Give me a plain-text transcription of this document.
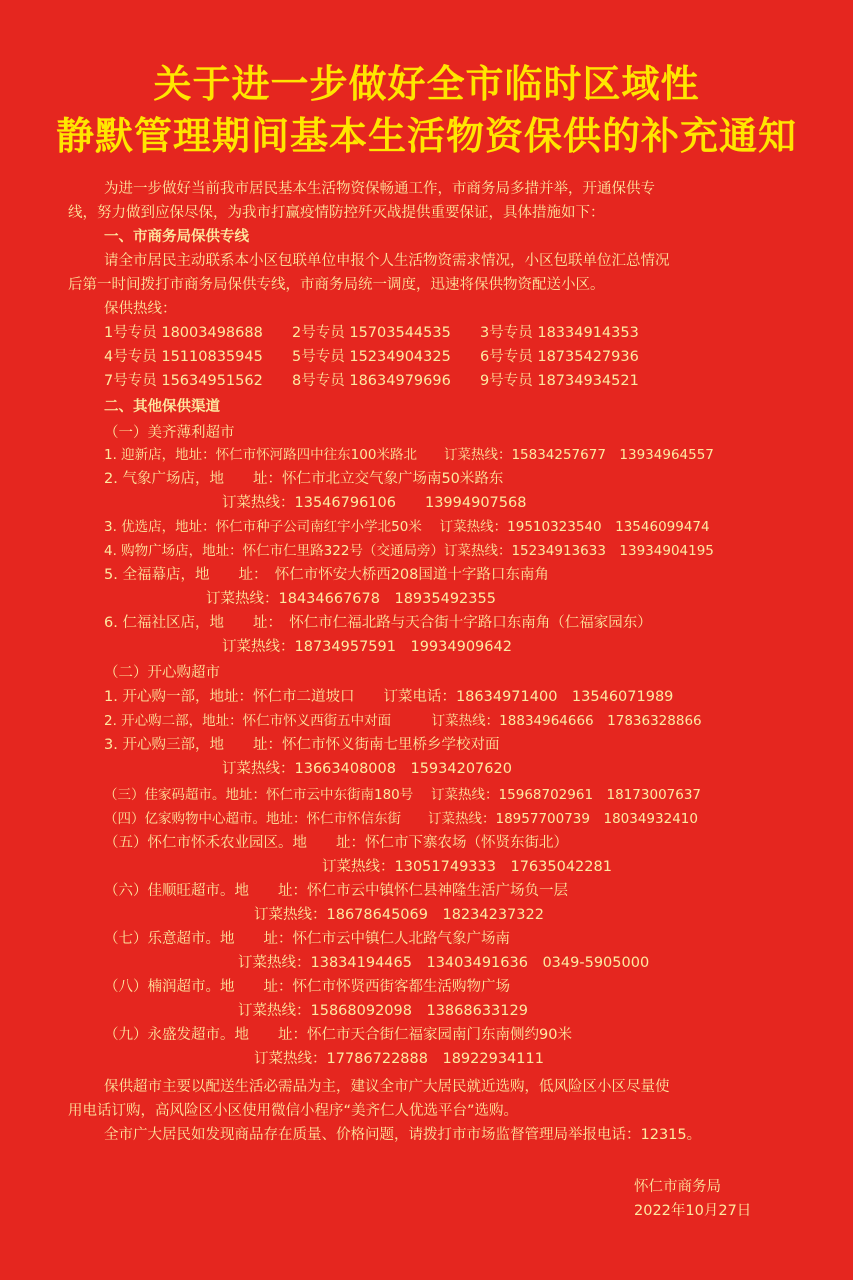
关于进一步做好全市临时区域性
静默管理期间基本生活物资保供的补充通知
为进一步做好当前我市居民基本生活物资保畅通工作，市商务局多措并举，开通保供专
线，努力做到应保尽保，为我市打赢疫情防控歼灭战提供重要保证，具体措施如下：
一、市商务局保供专线
请全市居民主动联系本小区包联单位申报个人生活物资需求情况，小区包联单位汇总情况
后第一时间拨打市商务局保供专线，市商务局统一调度，迅速将保供物资配送小区。
保供热线：
1号专员 18003498688 2号专员 15703544535 3号专员 18334914353
4号专员 15110835945 5号专员 15234904325 6号专员 18735427936
7号专员 15634951562 8号专员 18634979696 9号专员 18734934521
二、其他保供渠道
（一）美齐薄利超市
1. 迎新店，地址：怀仁市怀河路四中往东100米路北　　订菜热线：15834257677　13934964557
2. 气象广场店，地　　址：怀仁市北立交气象广场南50米路东
订菜热线：13546796106　　13994907568
3. 优选店，地址：怀仁市种子公司南红宇小学北50米　 订菜热线：19510323540　13546099474
4. 购物广场店，地址：怀仁市仁里路322号（交通局旁）订菜热线：15234913633　13934904195
5. 全福幕店，地　　址：　怀仁市怀安大桥西208国道十字路口东南角
订菜热线：18434667678　18935492355
6. 仁福社区店，地　　址：　怀仁市仁福北路与天合街十字路口东南角（仁福家园东）
订菜热线：18734957591　19934909642
（二）开心购超市
1. 开心购一部，地址：怀仁市二道坡口　　订菜电话：18634971400　13546071989
2. 开心购二部，地址：怀仁市怀义西街五中对面　　　订菜热线：18834964666　17836328866
3. 开心购三部，地　　址：怀仁市怀义街南七里桥乡学校对面
订菜热线：13663408008　15934207620
（三）佳家码超市。地址：怀仁市云中东街南180号　 订菜热线：15968702961　18173007637
（四）亿家购物中心超市。地址：怀仁市怀信东街　　订菜热线：18957700739　18034932410
（五）怀仁市怀禾农业园区。地　　址：怀仁市下寨农场（怀贤东街北）
订菜热线：13051749333　17635042281
（六）佳顺旺超市。地　　址：怀仁市云中镇怀仁县神隆生活广场负一层
订菜热线：18678645069　18234237322
（七）乐意超市。地　　址：怀仁市云中镇仁人北路气象广场南
订菜热线：13834194465　13403491636　0349-5905000
（八）楠润超市。地　　址：怀仁市怀贤西街客都生活购物广场
订菜热线：15868092098　13868633129
（九）永盛发超市。地　　址：怀仁市天合街仁福家园南门东南侧约90米
订菜热线：17786722888　18922934111
保供超市主要以配送生活必需品为主，建议全市广大居民就近选购，低风险区小区尽量使
用电话订购，高风险区小区使用微信小程序“美齐仁人优选平台”选购。
全市广大居民如发现商品存在质量、价格问题，请拨打市市场监督管理局举报电话：12315。
怀仁市商务局
2022年10月27日
